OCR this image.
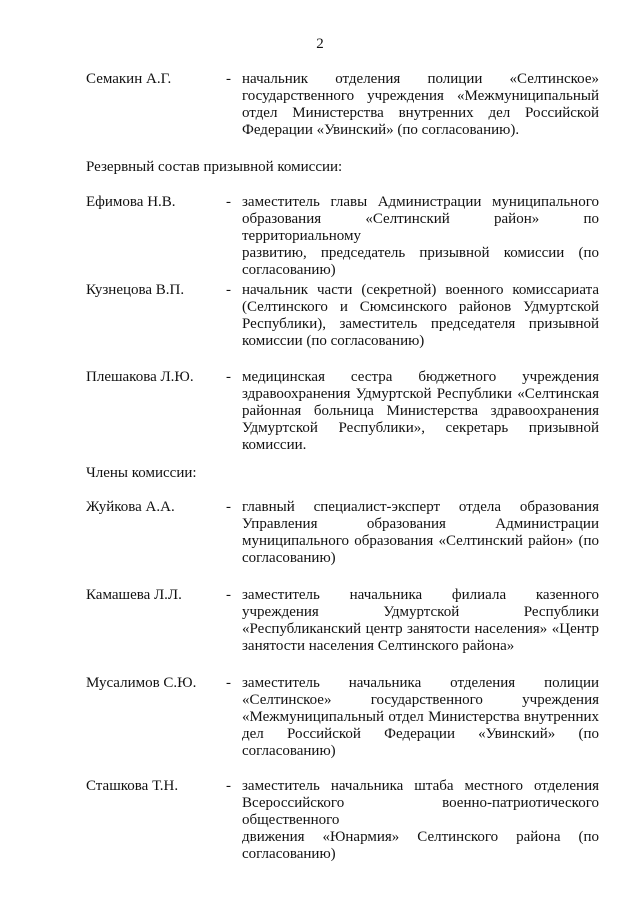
2
Семакин А.Г.	- начальник отделения полиции «Селтинское»
государственного учреждения «Межмуниципальный
отдел Министерства внутренних дел Российской
Федерации «Увинский» (по согласованию).
Резервный состав призывной комиссии:
Ефимова Н.В.	- заместитель главы Администрации муниципального
образования «Селтинский район» по территориальному
развитию, председатель призывной комиссии (по
согласованию)
Кузнецова В.П.	- начальник части (секретной) военного комиссариата
(Селтинского и Сюмсинского районов Удмуртской
Республики), заместитель председателя призывной
комиссии (по согласованию)
Плешакова Л.Ю. - медицинская сестра бюджетного учреждения
здравоохранения Удмуртской Республики «Селтинская
районная больница Министерства здравоохранения
Удмуртской Республики», секретарь призывной
комиссии.
Члены комиссии:
Жуйкова А.А.	- главный специалист-эксперт отдела образования
Управления образования Администрации
муниципального образования «Селтинский район» (по
согласованию)
Камашева Л.Л.	- заместитель начальника филиала казенного
учреждения Удмуртской Республики
«Республиканский центр занятости населения» «Центр
занятости населения Селтинского района»
Мусалимов С.Ю. - заместитель начальника отделения полиции
«Селтинское» государственного учреждения
«Межмуниципальный отдел Министерства внутренних
дел Российской Федерации «Увинский» (по
согласованию)
Сташкова Т.Н.	- заместитель начальника штаба местного отделения
Всероссийского военно-патриотического общественного
движения «Юнармия» Селтинского района (по
согласованию)
